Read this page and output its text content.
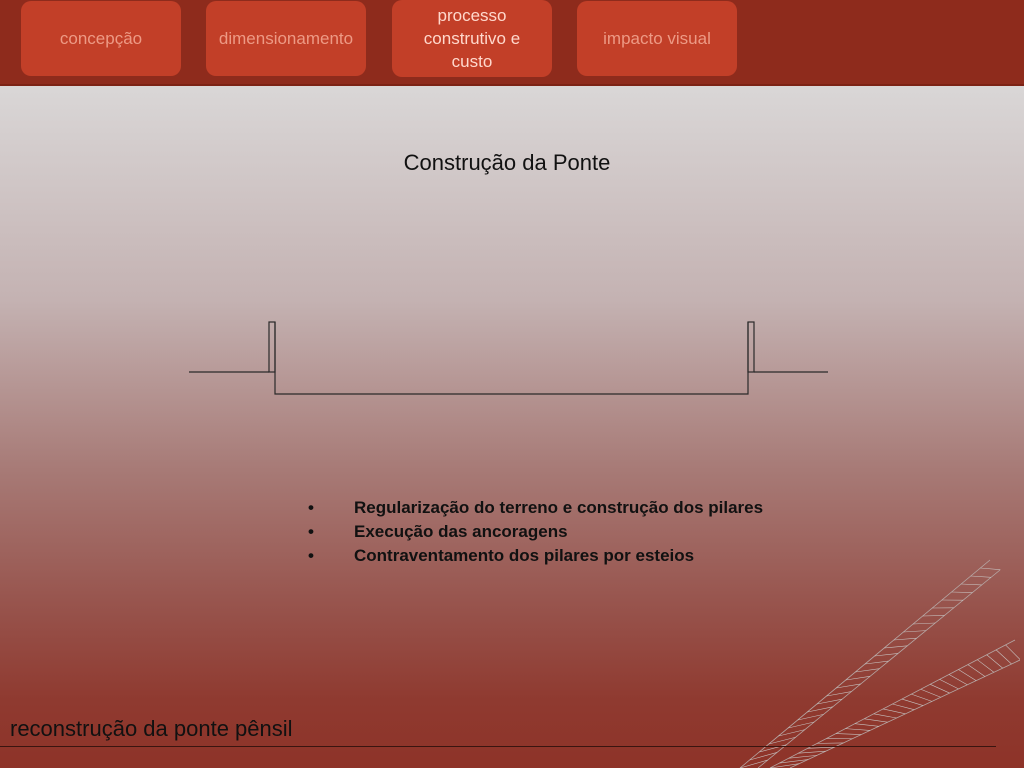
concepção	dimensionamento
processo
construtivo e
custo
impacto visual
Construção da Ponte
• Regularização do terreno e construção dos pilares
• Execução das ancoragens
• Contraventamento dos pilares por esteios
reconstrução da ponte pênsil
